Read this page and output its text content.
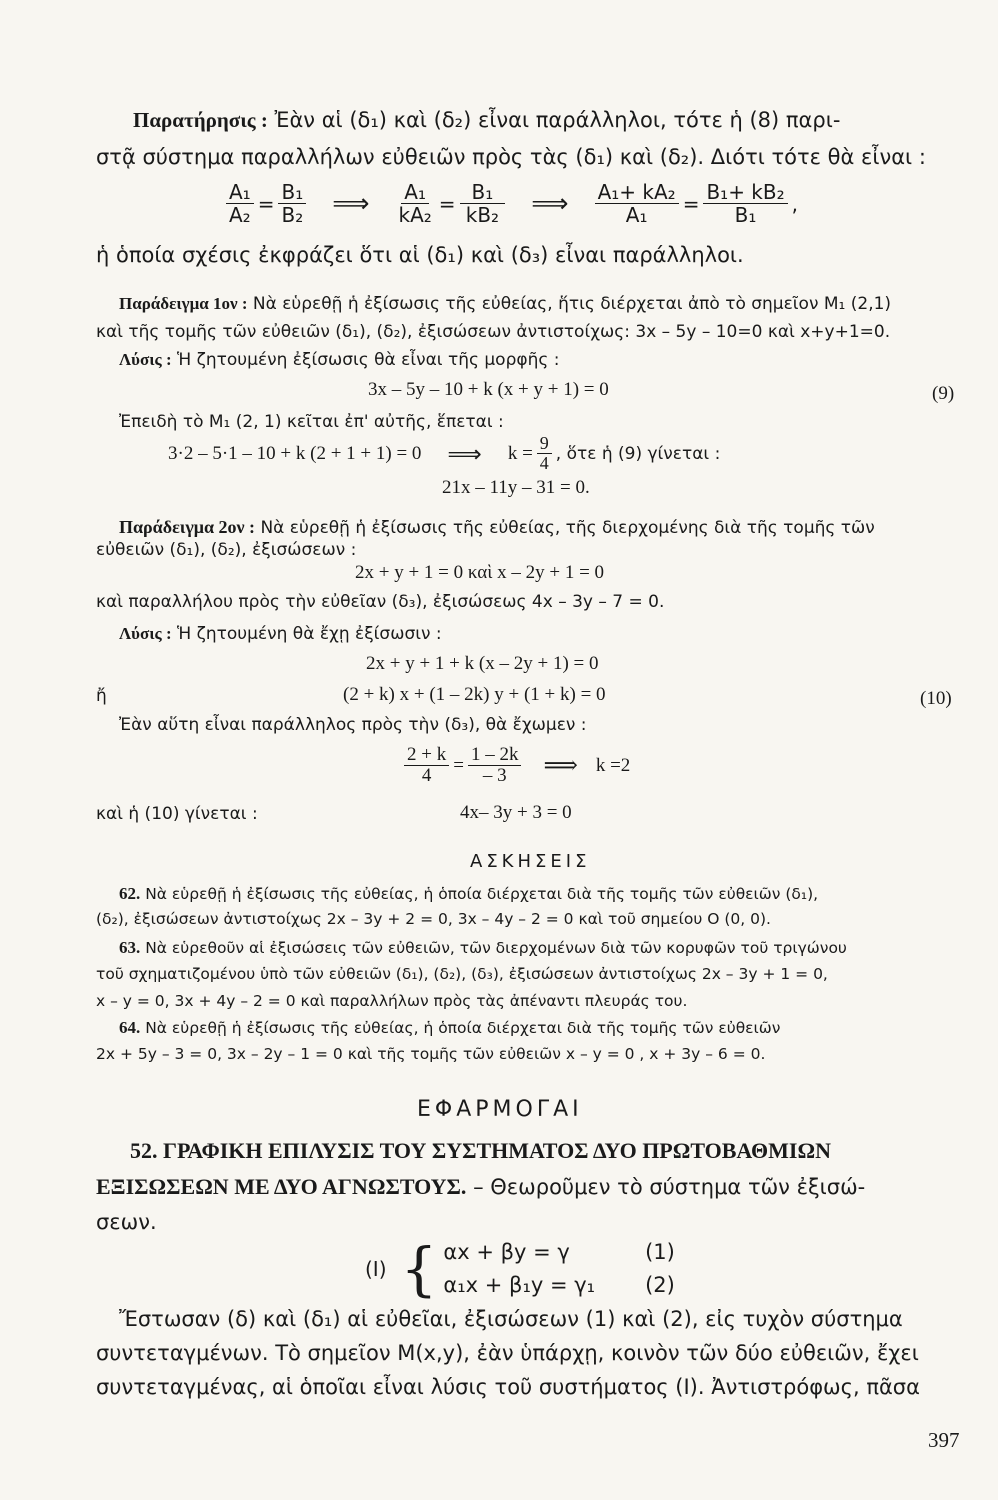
Παρατήρησις : Ἐὰν αἱ (δ₁) καὶ (δ₂) εἶναι παράλληλοι, τότε ἡ (8) παρι-
στᾷ σύστημα παραλλήλων εὐθειῶν πρὸς τὰς (δ₁) καὶ (δ₂). Διότι τότε θὰ εἶναι :
$\frac{\text{A₁}}{\text{A₂}} = \frac{\text{B₁}}{\text{B₂}}$ ⟹ $\frac{\text{A₁}}{\text{kA₂}} = \frac{\text{B₁}}{\text{kB₂}}$ ⟹ $\frac{\text{A₁+ kA₂}}{\text{A₁}} = \frac{\text{B₁+ kB₂}}{\text{B₁}}$ ,
ἡ ὁποία σχέσις ἐκφράζει ὅτι αἱ (δ₁) καὶ (δ₃) εἶναι παράλληλοι.
Παράδειγμα 1ον : Νὰ εὑρεθῇ ἡ ἐξίσωσις τῆς εὐθείας, ἥτις διέρχεται ἀπὸ τὸ σημεῖον M₁ (2,1)
καὶ τῆς τομῆς τῶν εὐθειῶν (δ₁), (δ₂), ἐξισώσεων ἀντιστοίχως: 3x – 5y – 10=0 καὶ x+y+1=0.
Λύσις : Ἡ ζητουμένη ἐξίσωσις θὰ εἶναι τῆς μορφῆς :
3x – 5y – 10 + k (x + y + 1) = 0	(9)
Ἐπειδὴ τὸ M₁ (2, 1) κεῖται ἐπ' αὐτῆς, ἕπεται :
3·2 – 5·1 – 10 + k (2 + 1 + 1) = 0 ⟹ $k = \frac{9}{4}$ , ὅτε ἡ (9) γίνεται :
21x – 11y – 31 = 0.
Παράδειγμα 2ον : Νὰ εὑρεθῇ ἡ ἐξίσωσις τῆς εὐθείας, τῆς διερχομένης διὰ τῆς τομῆς τῶν
εὐθειῶν (δ₁), (δ₂), ἐξισώσεων :
2x + y + 1 = 0 καὶ x – 2y + 1 = 0
καὶ παραλλήλου πρὸς τὴν εὐθεῖαν (δ₃), ἐξισώσεως 4x – 3y – 7 = 0.
Λύσις : Ἡ ζητουμένη θὰ ἔχῃ ἐξίσωσιν :
2x + y + 1 + k (x – 2y + 1) = 0
ἤ	(2 + k) x + (1 – 2k) y + (1 + k) = 0	(10)
Ἐὰν αὕτη εἶναι παράλληλος πρὸς τὴν (δ₃), θὰ ἔχωμεν :
$\frac{2 + k}{4} = \frac{1 - 2k}{- 3}$ ⟹ k =2
καὶ ἡ (10) γίνεται :	4x– 3y + 3 = 0
ΑΣΚΗΣΕΙΣ
62. Νὰ εὑρεθῇ ἡ ἐξίσωσις τῆς εὐθείας, ἡ ὁποία διέρχεται διὰ τῆς τομῆς τῶν εὐθειῶν (δ₁),
(δ₂), ἐξισώσεων ἀντιστοίχως 2x – 3y + 2 = 0, 3x – 4y – 2 = 0 καὶ τοῦ σημείου Ο (0, 0).
63. Νὰ εὑρεθοῦν αἱ ἐξισώσεις τῶν εὐθειῶν, τῶν διερχομένων διὰ τῶν κορυφῶν τοῦ τριγώνου
τοῦ σχηματιζομένου ὑπὸ τῶν εὐθειῶν (δ₁), (δ₂), (δ₃), ἐξισώσεων ἀντιστοίχως 2x – 3y + 1 = 0,
x – y = 0, 3x + 4y – 2 = 0 καὶ παραλλήλων πρὸς τὰς ἀπέναντι πλευράς του.
64. Νὰ εὑρεθῇ ἡ ἐξίσωσις τῆς εὐθείας, ἡ ὁποία διέρχεται διὰ τῆς τομῆς τῶν εὐθειῶν
2x + 5y – 3 = 0, 3x – 2y – 1 = 0 καὶ τῆς τομῆς τῶν εὐθειῶν x – y = 0 , x + 3y – 6 = 0.
ΕΦΑΡΜΟΓΑΙ
52. ΓΡΑΦΙΚΗ ΕΠΙΛΥΣΙΣ ΤΟΥ ΣΥΣΤΗΜΑΤΟΣ ΔΥΟ ΠΡΩΤΟΒΑΘΜΙΩΝ
ΕΞΙΣΩΣΕΩΝ ΜΕ ΔΥΟ ΑΓΝΩΣΤΟΥΣ. – Θεωροῦμεν τὸ σύστημα τῶν ἐξισώ-
σεων.
(I) { αx + βy = γ
α₁x + β₁y = γ₁
(1)
(2)
Ἔστωσαν (δ) καὶ (δ₁) αἱ εὐθεῖαι, ἐξισώσεων (1) καὶ (2), εἰς τυχὸν σύστημα
συντεταγμένων. Τὸ σημεῖον M(x,y), ἐὰν ὑπάρχῃ, κοινὸν τῶν δύο εὐθειῶν, ἔχει
συντεταγμένας, αἱ ὁποῖαι εἶναι λύσις τοῦ συστήματος (I). Ἀντιστρόφως, πᾶσα
397
